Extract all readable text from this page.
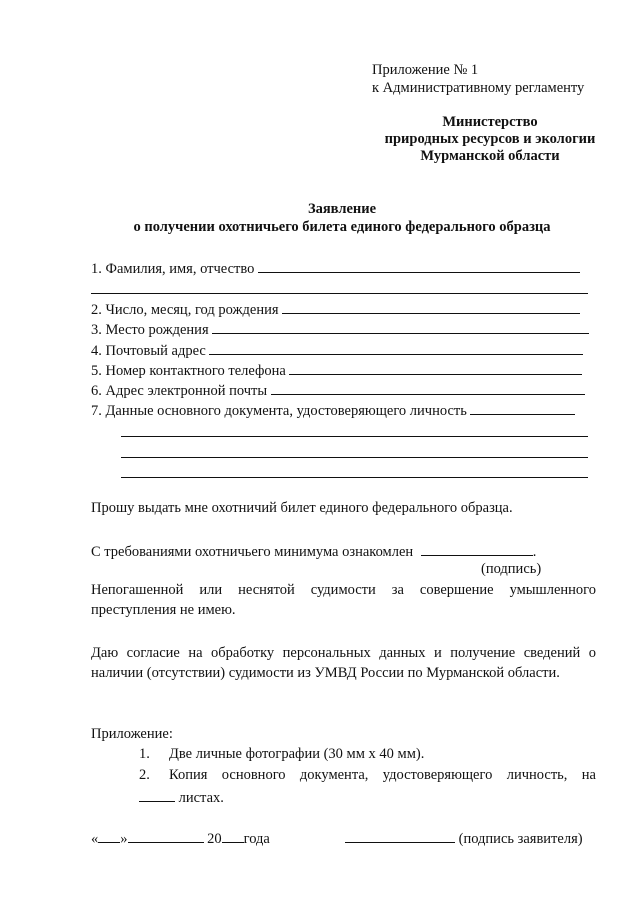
Приложение № 1
к Административному регламенту
Министерство
природных ресурсов и экологии
Мурманской области
Заявление
о получении охотничьего билета единого федерального образца
1. Фамилия, имя, отчество
2. Число, месяц, год рождения
3. Место рождения
4. Почтовый адрес
5. Номер контактного телефона
6. Адрес электронной почты
7. Данные основного документа, удостоверяющего личность
Прошу выдать мне охотничий билет единого федерального образца.
С требованиями охотничьего минимума ознакомлен	.
(подпись)
Непогашенной или неснятой судимости за совершение умышленного
преступления не имею.
Даю согласие на обработку персональных данных и получение сведений о
наличии (отсутствии) судимости из УМВД России по Мурманской области.
Приложение:
1. Две личные фотографии (30 мм х 40 мм).
2. Копия основного документа, удостоверяющего личность, на
листах.
« »	20 года	(подпись заявителя)
